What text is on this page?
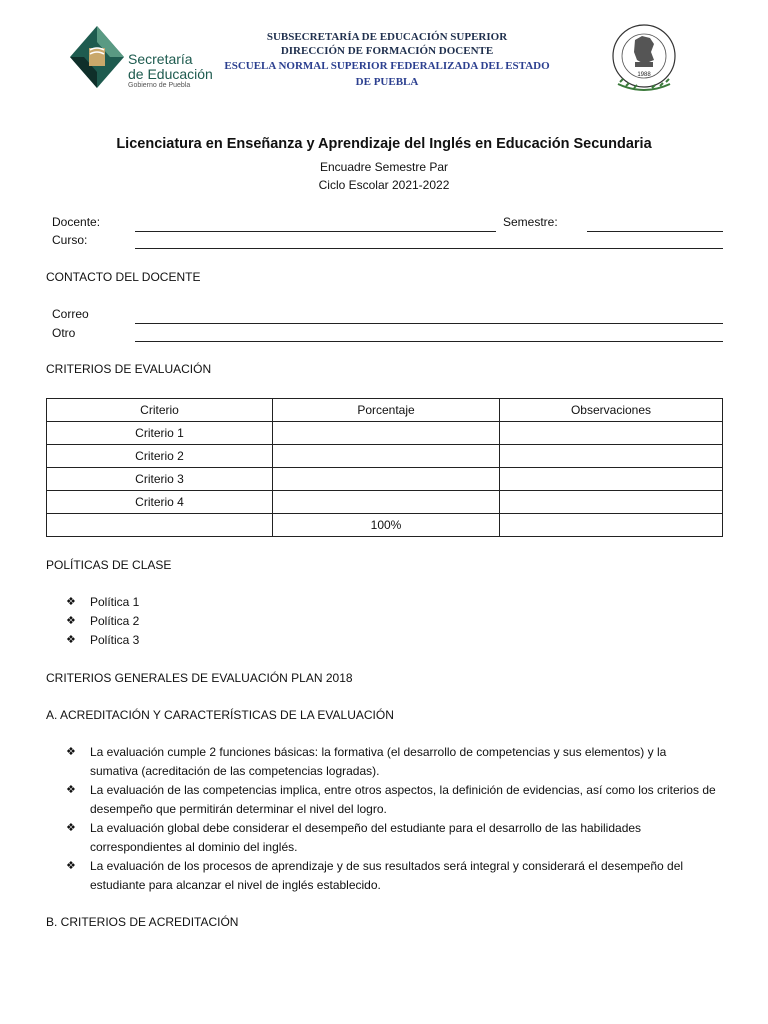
Secretaría
de Educación
Gobierno de Puebla
SUBSECRETARÍA DE EDUCACIÓN SUPERIOR
DIRECCIÓN DE FORMACIÓN DOCENTE
ESCUELA NORMAL SUPERIOR FEDERALIZADA DEL ESTADO
DE PUEBLA
1988
Licenciatura en Enseñanza y Aprendizaje del Inglés en Educación Secundaria
Encuadre Semestre Par
Ciclo Escolar 2021-2022
Docente:	Semestre:
Curso:
CONTACTO DEL DOCENTE
Correo
Otro
CRITERIOS DE EVALUACIÓN
Criterio	Porcentaje	Observaciones
Criterio 1		
Criterio 2		
Criterio 3		
Criterio 4		
	100%	
POLÍTICAS DE CLASE
❖ Política 1
❖ Política 2
❖ Política 3
CRITERIOS GENERALES DE EVALUACIÓN PLAN 2018
A. ACREDITACIÓN Y CARACTERÍSTICAS DE LA EVALUACIÓN
❖ La evaluación cumple 2 funciones básicas: la formativa (el desarrollo de competencias y sus elementos) y la sumativa (acreditación de las competencias logradas).
❖ La evaluación de las competencias implica, entre otros aspectos, la definición de evidencias, así como los criterios de desempeño que permitirán determinar el nivel del logro.
❖ La evaluación global debe considerar el desempeño del estudiante para el desarrollo de las habilidades correspondientes al dominio del inglés.
❖ La evaluación de los procesos de aprendizaje y de sus resultados será integral y considerará el desempeño del estudiante para alcanzar el nivel de inglés establecido.
B. CRITERIOS DE ACREDITACIÓN
